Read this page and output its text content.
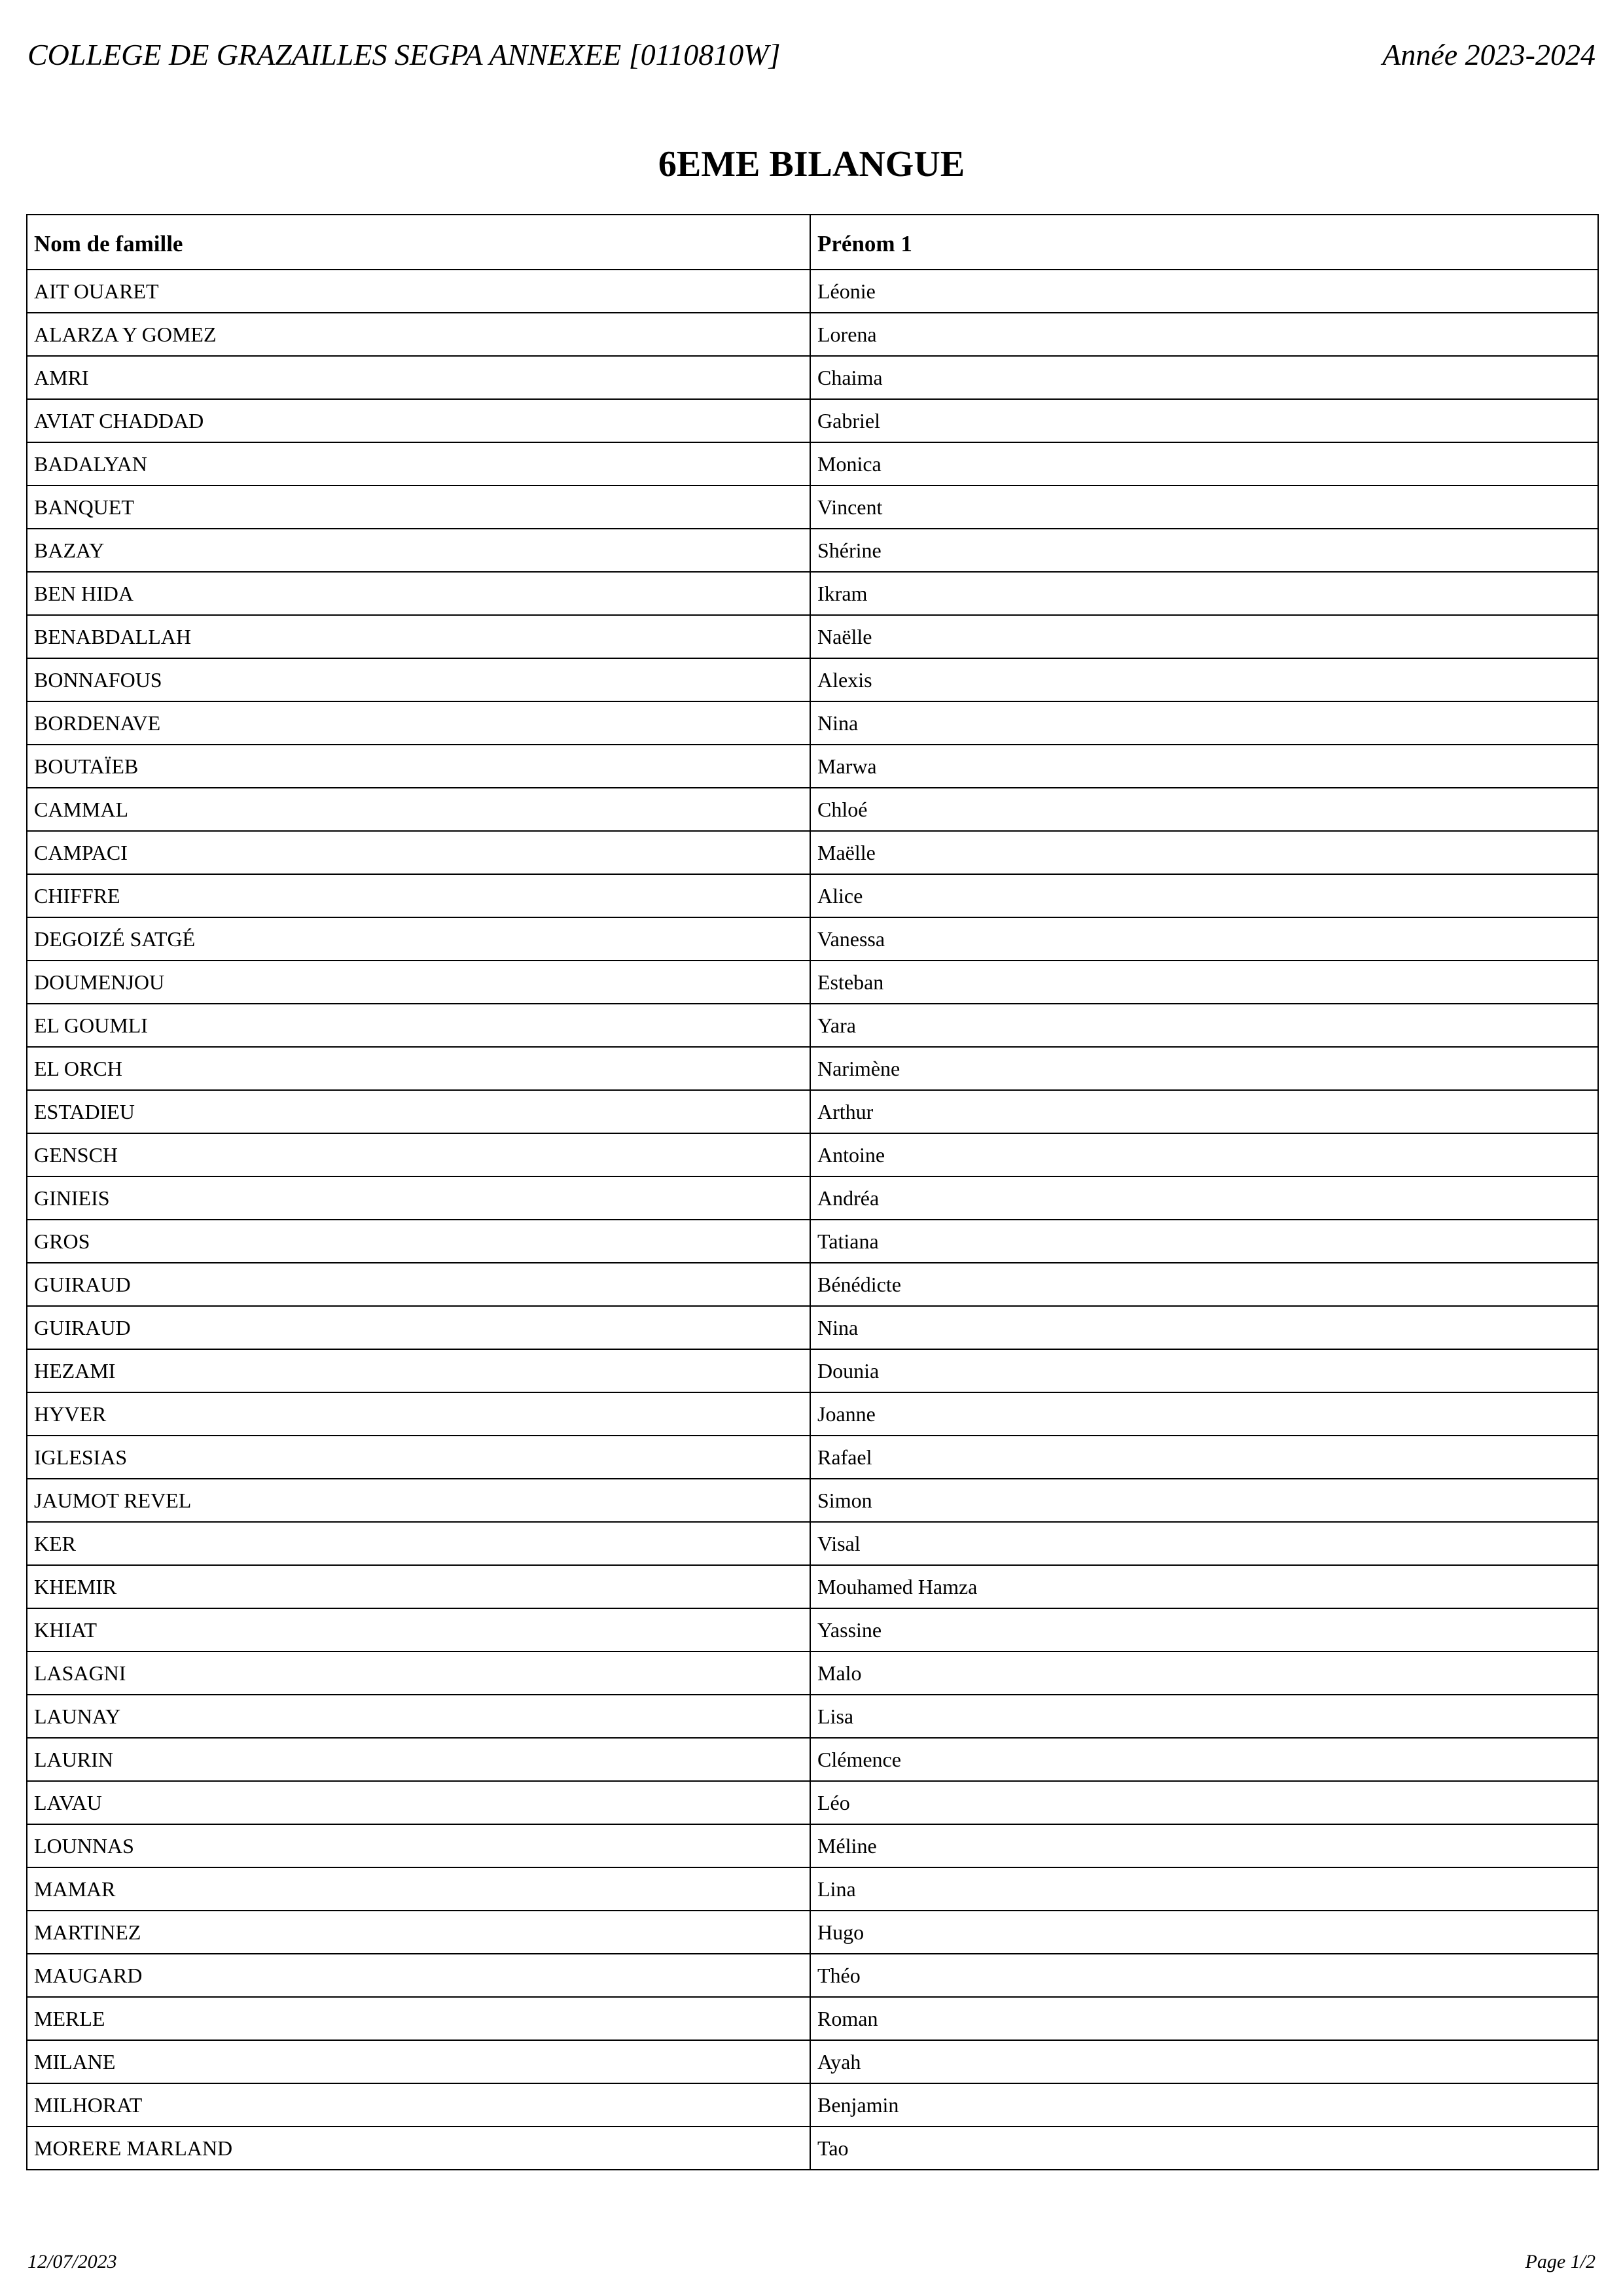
COLLEGE DE GRAZAILLES SEGPA ANNEXEE [0110810W]	Année 2023-2024
6EME BILANGUE
Nom de famille	Prénom 1
AIT OUARET	Léonie
ALARZA Y GOMEZ	Lorena
AMRI	Chaima
AVIAT CHADDAD	Gabriel
BADALYAN	Monica
BANQUET	Vincent
BAZAY	Shérine
BEN HIDA	Ikram
BENABDALLAH	Naëlle
BONNAFOUS	Alexis
BORDENAVE	Nina
BOUTAÏEB	Marwa
CAMMAL	Chloé
CAMPACI	Maëlle
CHIFFRE	Alice
DEGOIZÉ SATGÉ	Vanessa
DOUMENJOU	Esteban
EL GOUMLI	Yara
EL ORCH	Narimène
ESTADIEU	Arthur
GENSCH	Antoine
GINIEIS	Andréa
GROS	Tatiana
GUIRAUD	Bénédicte
GUIRAUD	Nina
HEZAMI	Dounia
HYVER	Joanne
IGLESIAS	Rafael
JAUMOT REVEL	Simon
KER	Visal
KHEMIR	Mouhamed Hamza
KHIAT	Yassine
LASAGNI	Malo
LAUNAY	Lisa
LAURIN	Clémence
LAVAU	Léo
LOUNNAS	Méline
MAMAR	Lina
MARTINEZ	Hugo
MAUGARD	Théo
MERLE	Roman
MILANE	Ayah
MILHORAT	Benjamin
MORERE MARLAND	Tao
12/07/2023	Page 1/2
